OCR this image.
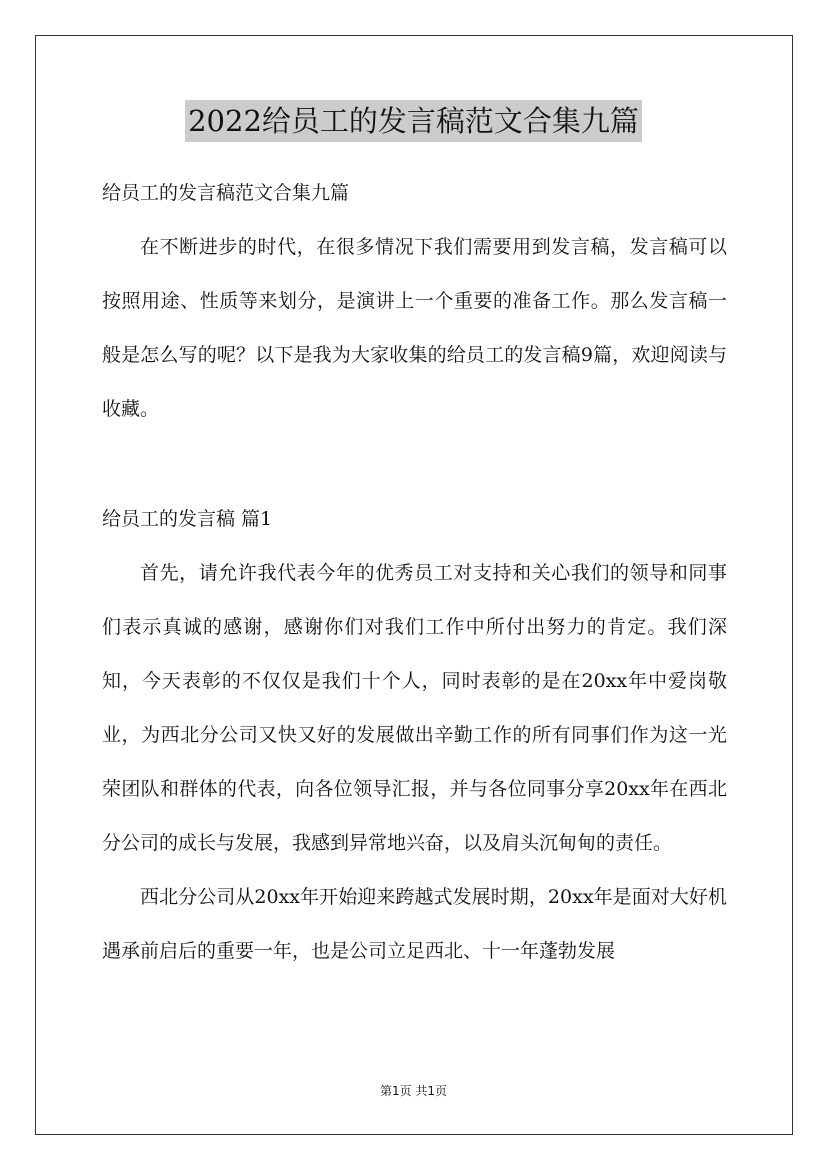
2022给员工的发言稿范文合集九篇
给员工的发言稿范文合集九篇

在不断进步的时代，在很多情况下我们需要用到发言稿，发言稿可以按照用途、性质等来划分，是演讲上一个重要的准备工作。那么发言稿一般是怎么写的呢？以下是我为大家收集的给员工的发言稿9篇，欢迎阅读与收藏。

给员工的发言稿 篇1

首先，请允许我代表今年的优秀员工对支持和关心我们的领导和同事们表示真诚的感谢，感谢你们对我们工作中所付出努力的肯定。我们深知，今天表彰的不仅仅是我们十个人，同时表彰的是在20xx年中爱岗敬业，为西北分公司又快又好的发展做出辛勤工作的所有同事们作为这一光荣团队和群体的代表，向各位领导汇报，并与各位同事分享20xx年在西北分公司的成长与发展，我感到异常地兴奋，以及肩头沉甸甸的责任。

西北分公司从20xx年开始迎来跨越式发展时期，20xx年是面对大好机遇承前启后的重要一年，也是公司立足西北、十一年蓬勃发展

第1页 共1页
